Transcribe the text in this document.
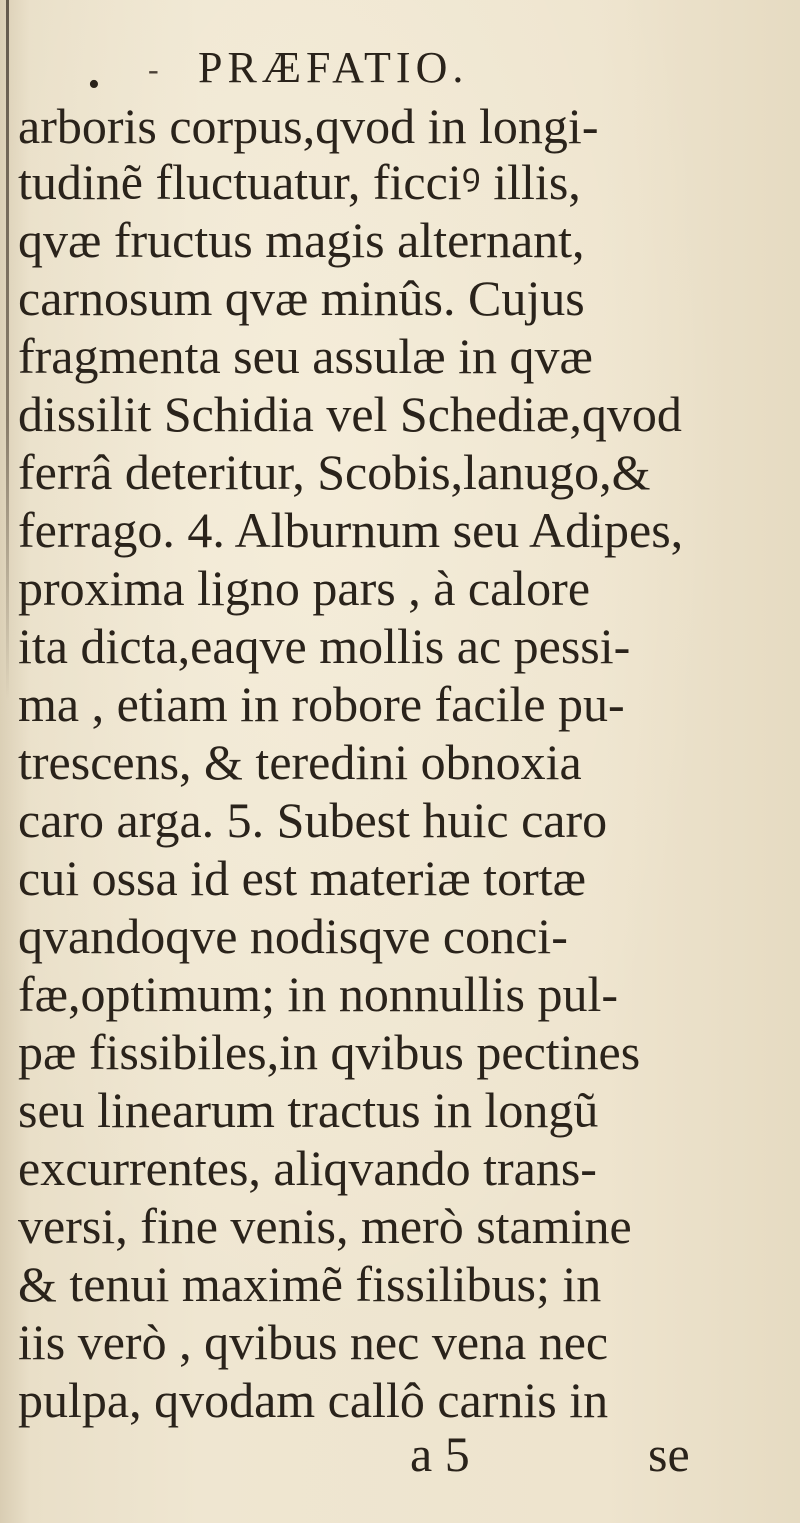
• - PRÆFATIO.
arboris corpus,qvod in longi-
tudinẽ fluctuatur, ficciꝰ illis,
qvæ fructus magis alternant,
carnosum qvæ minûs. Cujus
fragmenta seu assulæ in qvæ
dissilit Schidia vel Schediæ,qvod
ferrâ deteritur, Scobis,lanugo,&
ferrago. 4. Alburnum seu Adipes,
proxima ligno pars , à calore
ita dicta,eaqve mollis ac pessi-
ma , etiam in robore facile pu-
trescens, & teredini obnoxia
caro arga. 5. Subest huic caro
cui ossa id est materiæ tortæ
qvandoqve nodisqve conci-
fæ,optimum; in nonnullis pul-
pæ fissibiles,in qvibus pectines
seu linearum tractus in longũ
excurrentes, aliqvando trans-
versi, fine venis, merò stamine
& tenui maximẽ fissilibus; in
iis verò , qvibus nec vena nec
pulpa, qvodam callô carnis in
a 5	se
